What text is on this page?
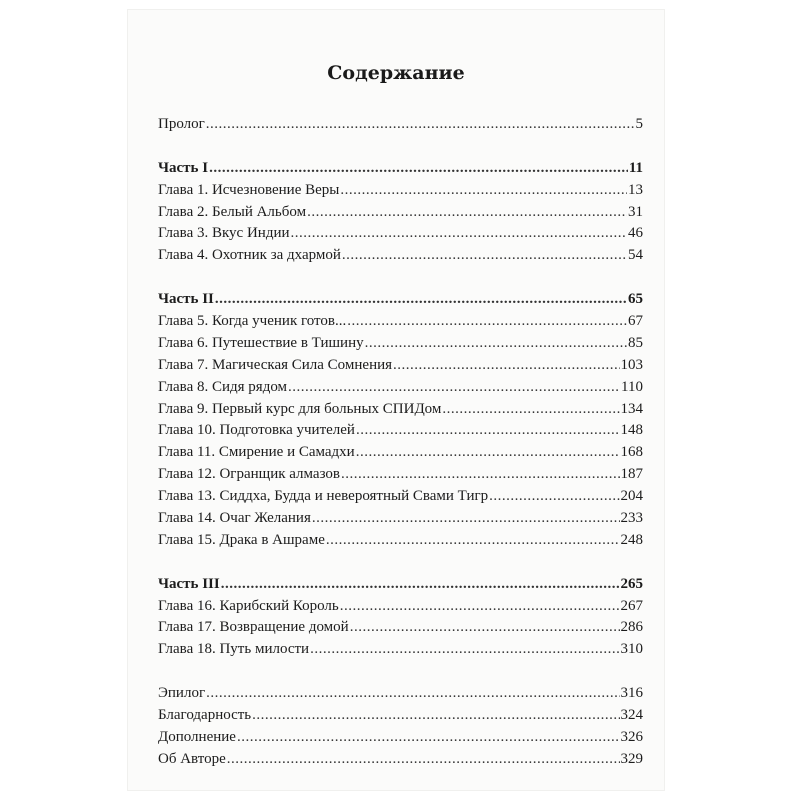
Содержание
Пролог .....	5
Часть I .....	11
Глава 1. Исчезновение Веры .....	13
Глава 2. Белый Альбом .....	31
Глава 3. Вкус Индии .....	46
Глава 4. Охотник за дхармой .....	54
Часть II .....	65
Глава 5. Когда ученик готов... .....	67
Глава 6. Путешествие в Тишину .....	85
Глава 7. Магическая Сила Сомнения .....	103
Глава 8. Сидя рядом .....	110
Глава 9. Первый курс для больных СПИДом .....	134
Глава 10. Подготовка учителей .....	148
Глава 11. Смирение и Самадхи .....	168
Глава 12. Огранщик алмазов .....	187
Глава 13. Сиддха, Будда и невероятный Свами Тигр .....	204
Глава 14. Очаг Желания .....	233
Глава 15. Драка в Ашраме .....	248
Часть III .....	265
Глава 16. Карибский Король .....	267
Глава 17. Возвращение домой .....	286
Глава 18. Путь милости .....	310
Эпилог .....	316
Благодарность .....	324
Дополнение .....	326
Об Авторе .....	329
